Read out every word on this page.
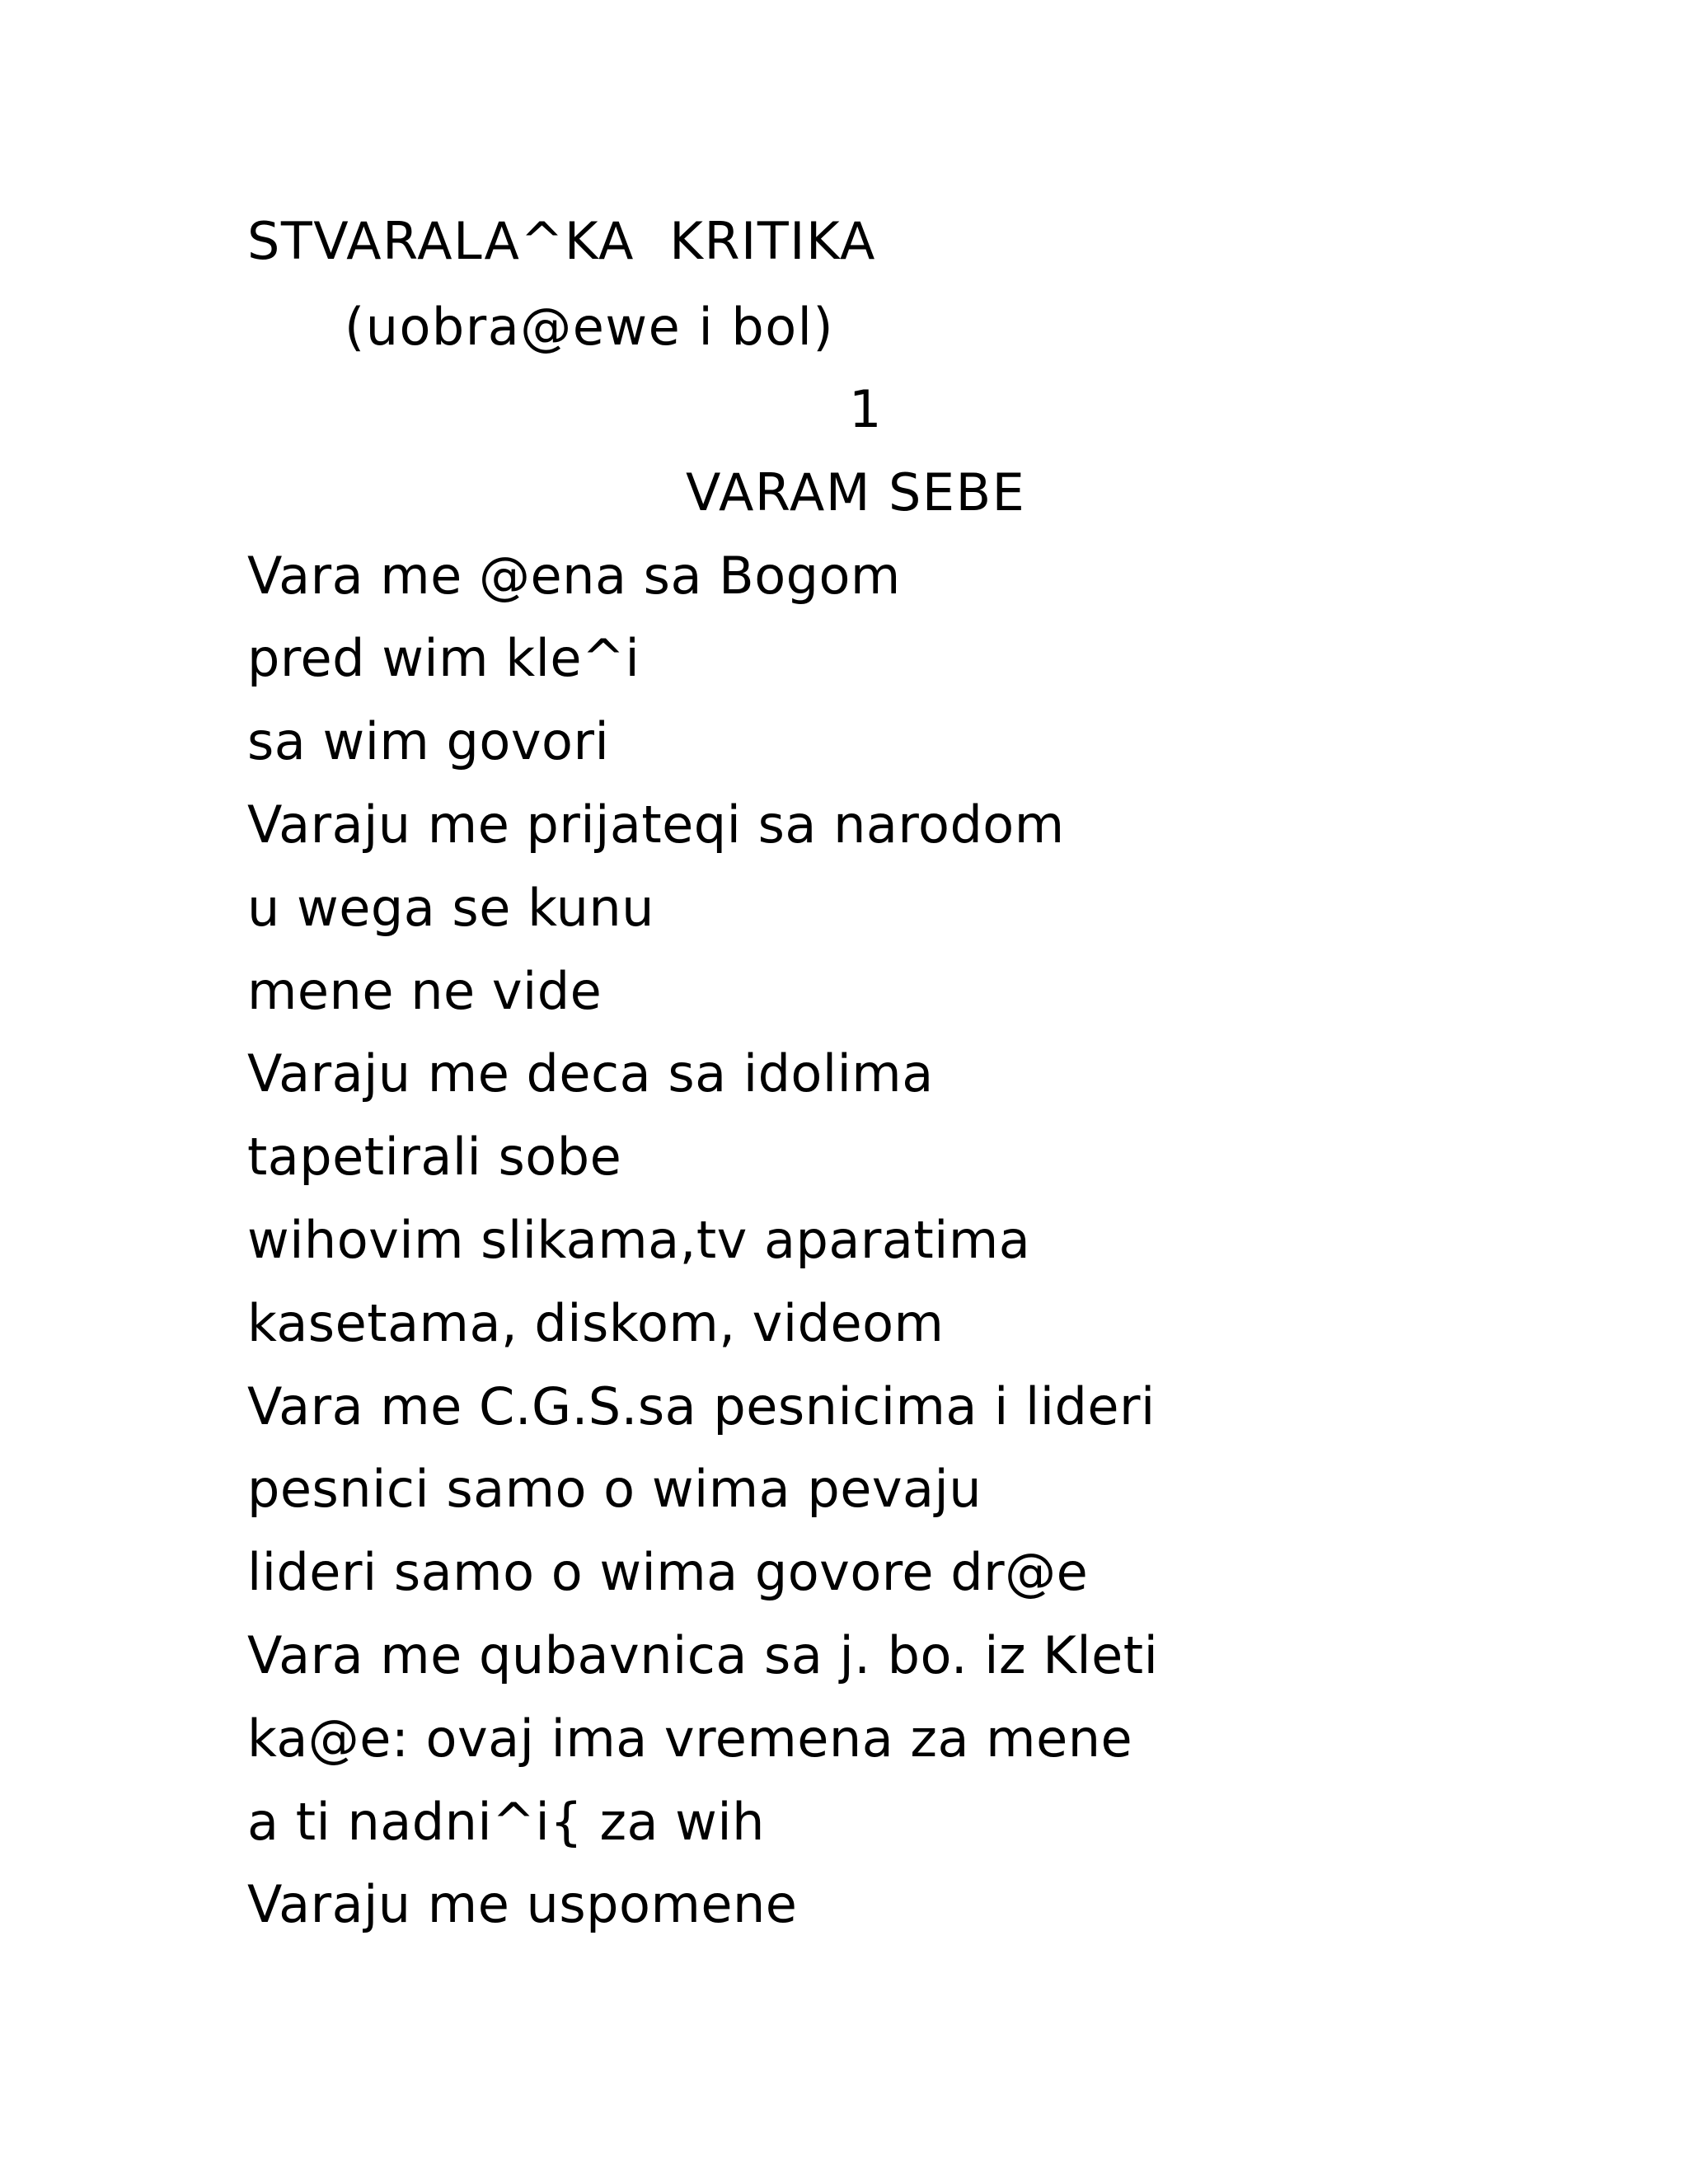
STVARALA^KA  KRITIKA
(uobra@ewe i bol)
1
VARAM SEBE
Vara me @ena sa Bogom
pred wim kle^i
sa wim govori
Varaju me prijateqi sa narodom
u wega se kunu
mene ne vide
Varaju me deca sa idolima
tapetirali sobe
wihovim slikama,tv aparatima
kasetama, diskom, videom
Vara me C.G.S.sa pesnicima i lideri
pesnici samo o wima pevaju
lideri samo o wima govore dr@e
Vara me qubavnica sa j. bo. iz Kleti
ka@e: ovaj ima vremena za mene
a ti nadni^i{ za wih
Varaju me uspomene
